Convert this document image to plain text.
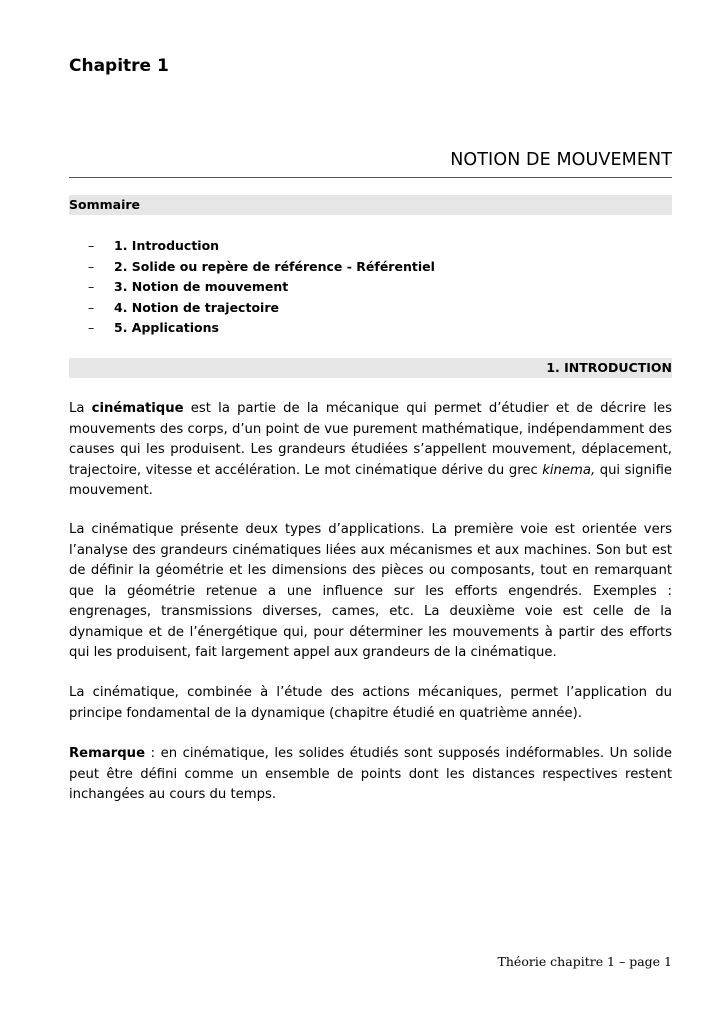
Chapitre 1
NOTION DE MOUVEMENT
Sommaire
– 1. Introduction
– 2. Solide ou repère de référence - Référentiel
– 3. Notion de mouvement
– 4. Notion de trajectoire
– 5. Applications
1. INTRODUCTION

La cinématique est la partie de la mécanique qui permet d’étudier et de décrire les mouvements des corps, d’un point de vue purement mathématique, indépendamment des causes qui les produisent. Les grandeurs étudiées s’appellent mouvement, déplacement, trajectoire, vitesse et accélération. Le mot cinématique dérive du grec kinema, qui signifie mouvement.

La cinématique présente deux types d’applications. La première voie est orientée vers l’analyse des grandeurs cinématiques liées aux mécanismes et aux machines. Son but est de définir la géométrie et les dimensions des pièces ou composants, tout en remarquant que la géométrie retenue a une influence sur les efforts engendrés. Exemples : engrenages, transmissions diverses, cames, etc. La deuxième voie est celle de la dynamique et de l’énergétique qui, pour déterminer les mouvements à partir des efforts qui les produisent, fait largement appel aux grandeurs de la cinématique.

La cinématique, combinée à l’étude des actions mécaniques, permet l’application du principe fondamental de la dynamique (chapitre étudié en quatrième année).

Remarque : en cinématique, les solides étudiés sont supposés indéformables. Un solide peut être défini comme un ensemble de points dont les distances respectives restent inchangées au cours du temps.

Théorie chapitre 1 – page 1
